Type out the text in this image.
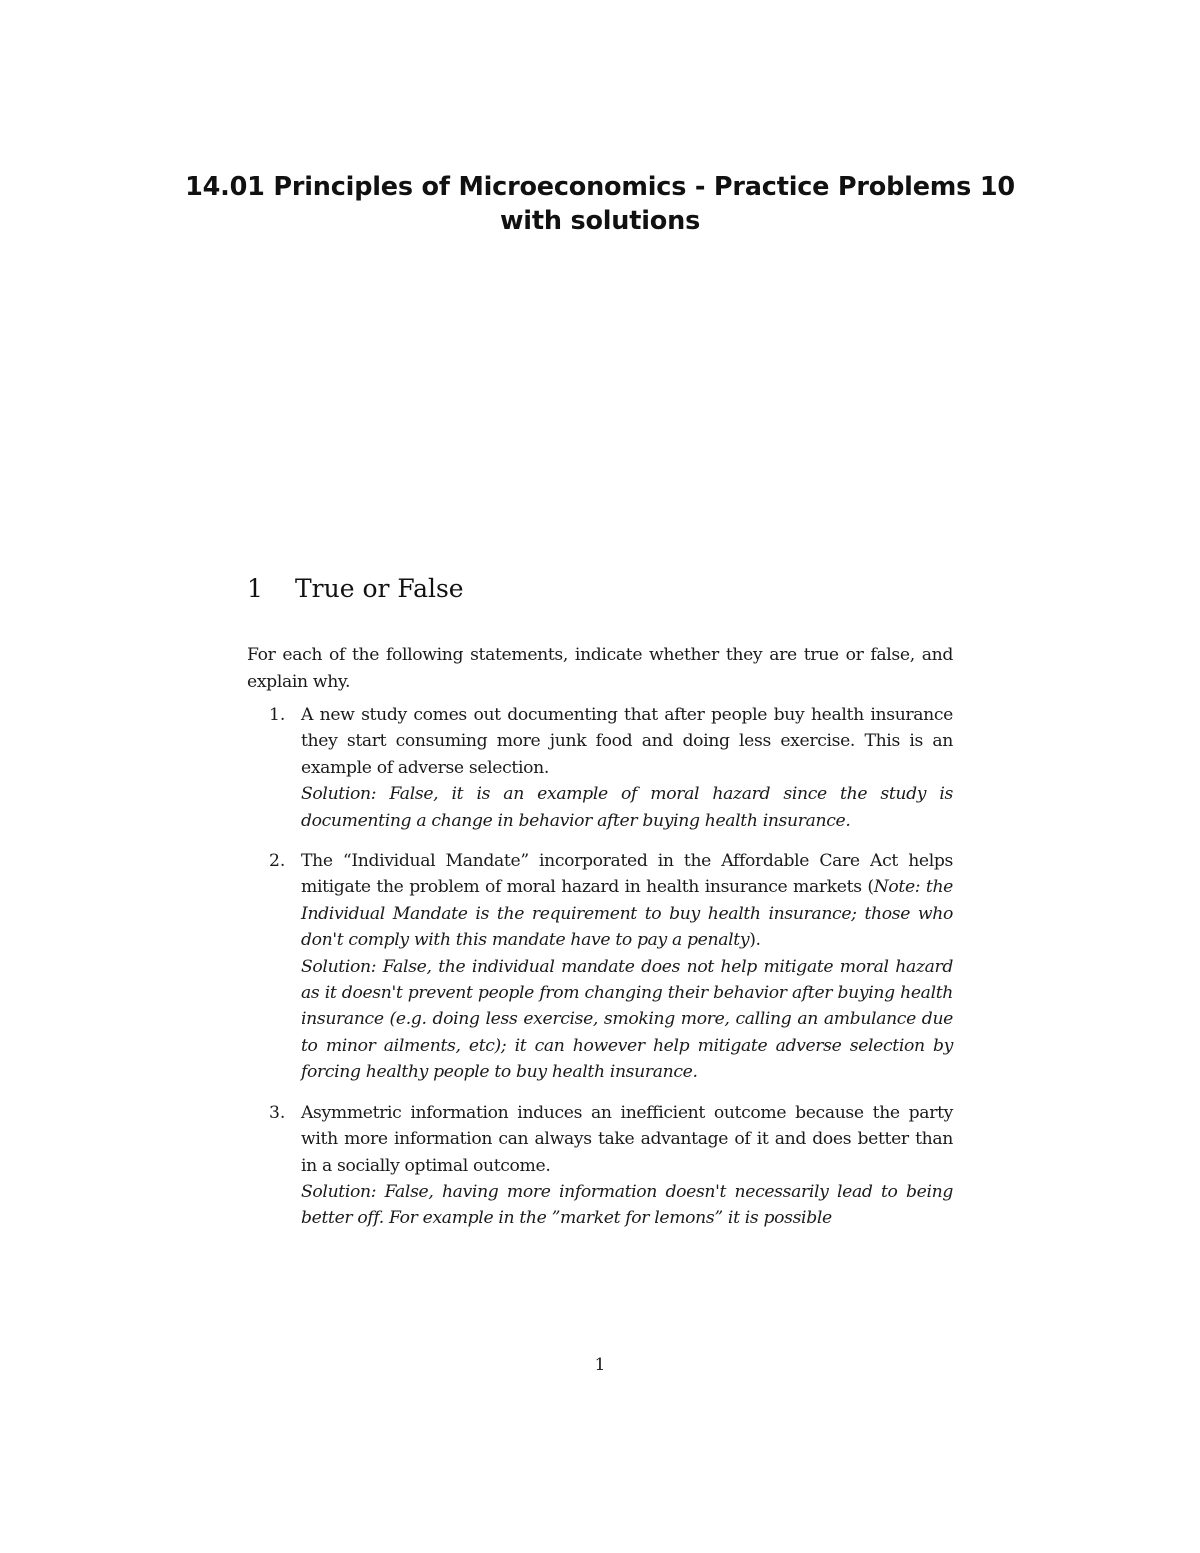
14.01 Principles of Microeconomics - Practice Problems 10
with solutions
1 True or False

For each of the following statements, indicate whether they are true or false, and explain why.

1. A new study comes out documenting that after people buy health insurance they start consuming more junk food and doing less exercise. This is an example of adverse selection.

Solution: False, it is an example of moral hazard since the study is documenting a change in behavior after buying health insurance.

2. The “Individual Mandate” incorporated in the Affordable Care Act helps mitigate the problem of moral hazard in health insurance markets (Note: the Individual Mandate is the requirement to buy health insurance; those who don't comply with this mandate have to pay a penalty).

Solution: False, the individual mandate does not help mitigate moral hazard as it doesn't prevent people from changing their behavior after buying health insurance (e.g. doing less exercise, smoking more, calling an ambulance due to minor ailments, etc); it can however help mitigate adverse selection by forcing healthy people to buy health insurance.

3. Asymmetric information induces an inefficient outcome because the party with more information can always take advantage of it and does better than in a socially optimal outcome.

Solution: False, having more information doesn't necessarily lead to being better off. For example in the ”market for lemons” it is possible

1
